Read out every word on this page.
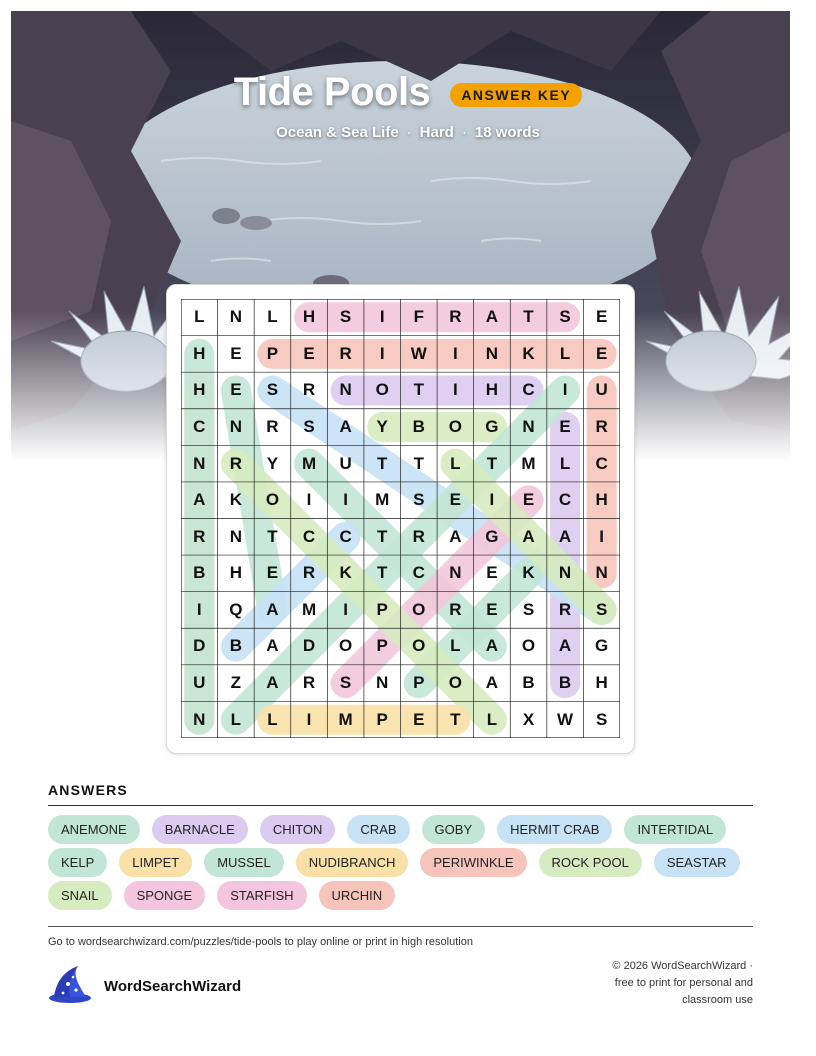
Tide Pools	ANSWER KEY
Ocean & Sea Life · Hard · 18 words
L	N	L	H	S	I	F	R	A	T	S	E
H	E	P	E	R	I	W	I	N	K	L	E
H	E	S	R	N	O	T	I	H	C	I	U
C	N	R	S	A	Y	B	O	G	N	E	R
N	R	Y	M	U	T	T	L	T	M	L	C
A	K	O	I	I	M	S	E	I	E	C	H
R	N	T	C	C	T	R	A	G	A	A	I
B	H	E	R	K	T	C	N	E	K	N	N
I	Q	A	M	I	P	O	R	E	S	R	S
D	B	A	D	O	P	O	L	A	O	A	G
U	Z	A	R	S	N	P	O	A	B	B	H
N	L	L	I	M	P	E	T	L	X	W	S
ANSWERS
ANEMONE	BARNACLE	CHITON	CRAB	GOBY	HERMIT CRAB	INTERTIDAL
KELP	LIMPET	MUSSEL	NUDIBRANCH	PERIWINKLE	ROCK POOL	SEASTAR
SNAIL	SPONGE	STARFISH	URCHIN
Go to wordsearchwizard.com/puzzles/tide-pools to play online or print in high resolution
WordSearchWizard
© 2026 WordSearchWizard ·
free to print for personal and
classroom use
